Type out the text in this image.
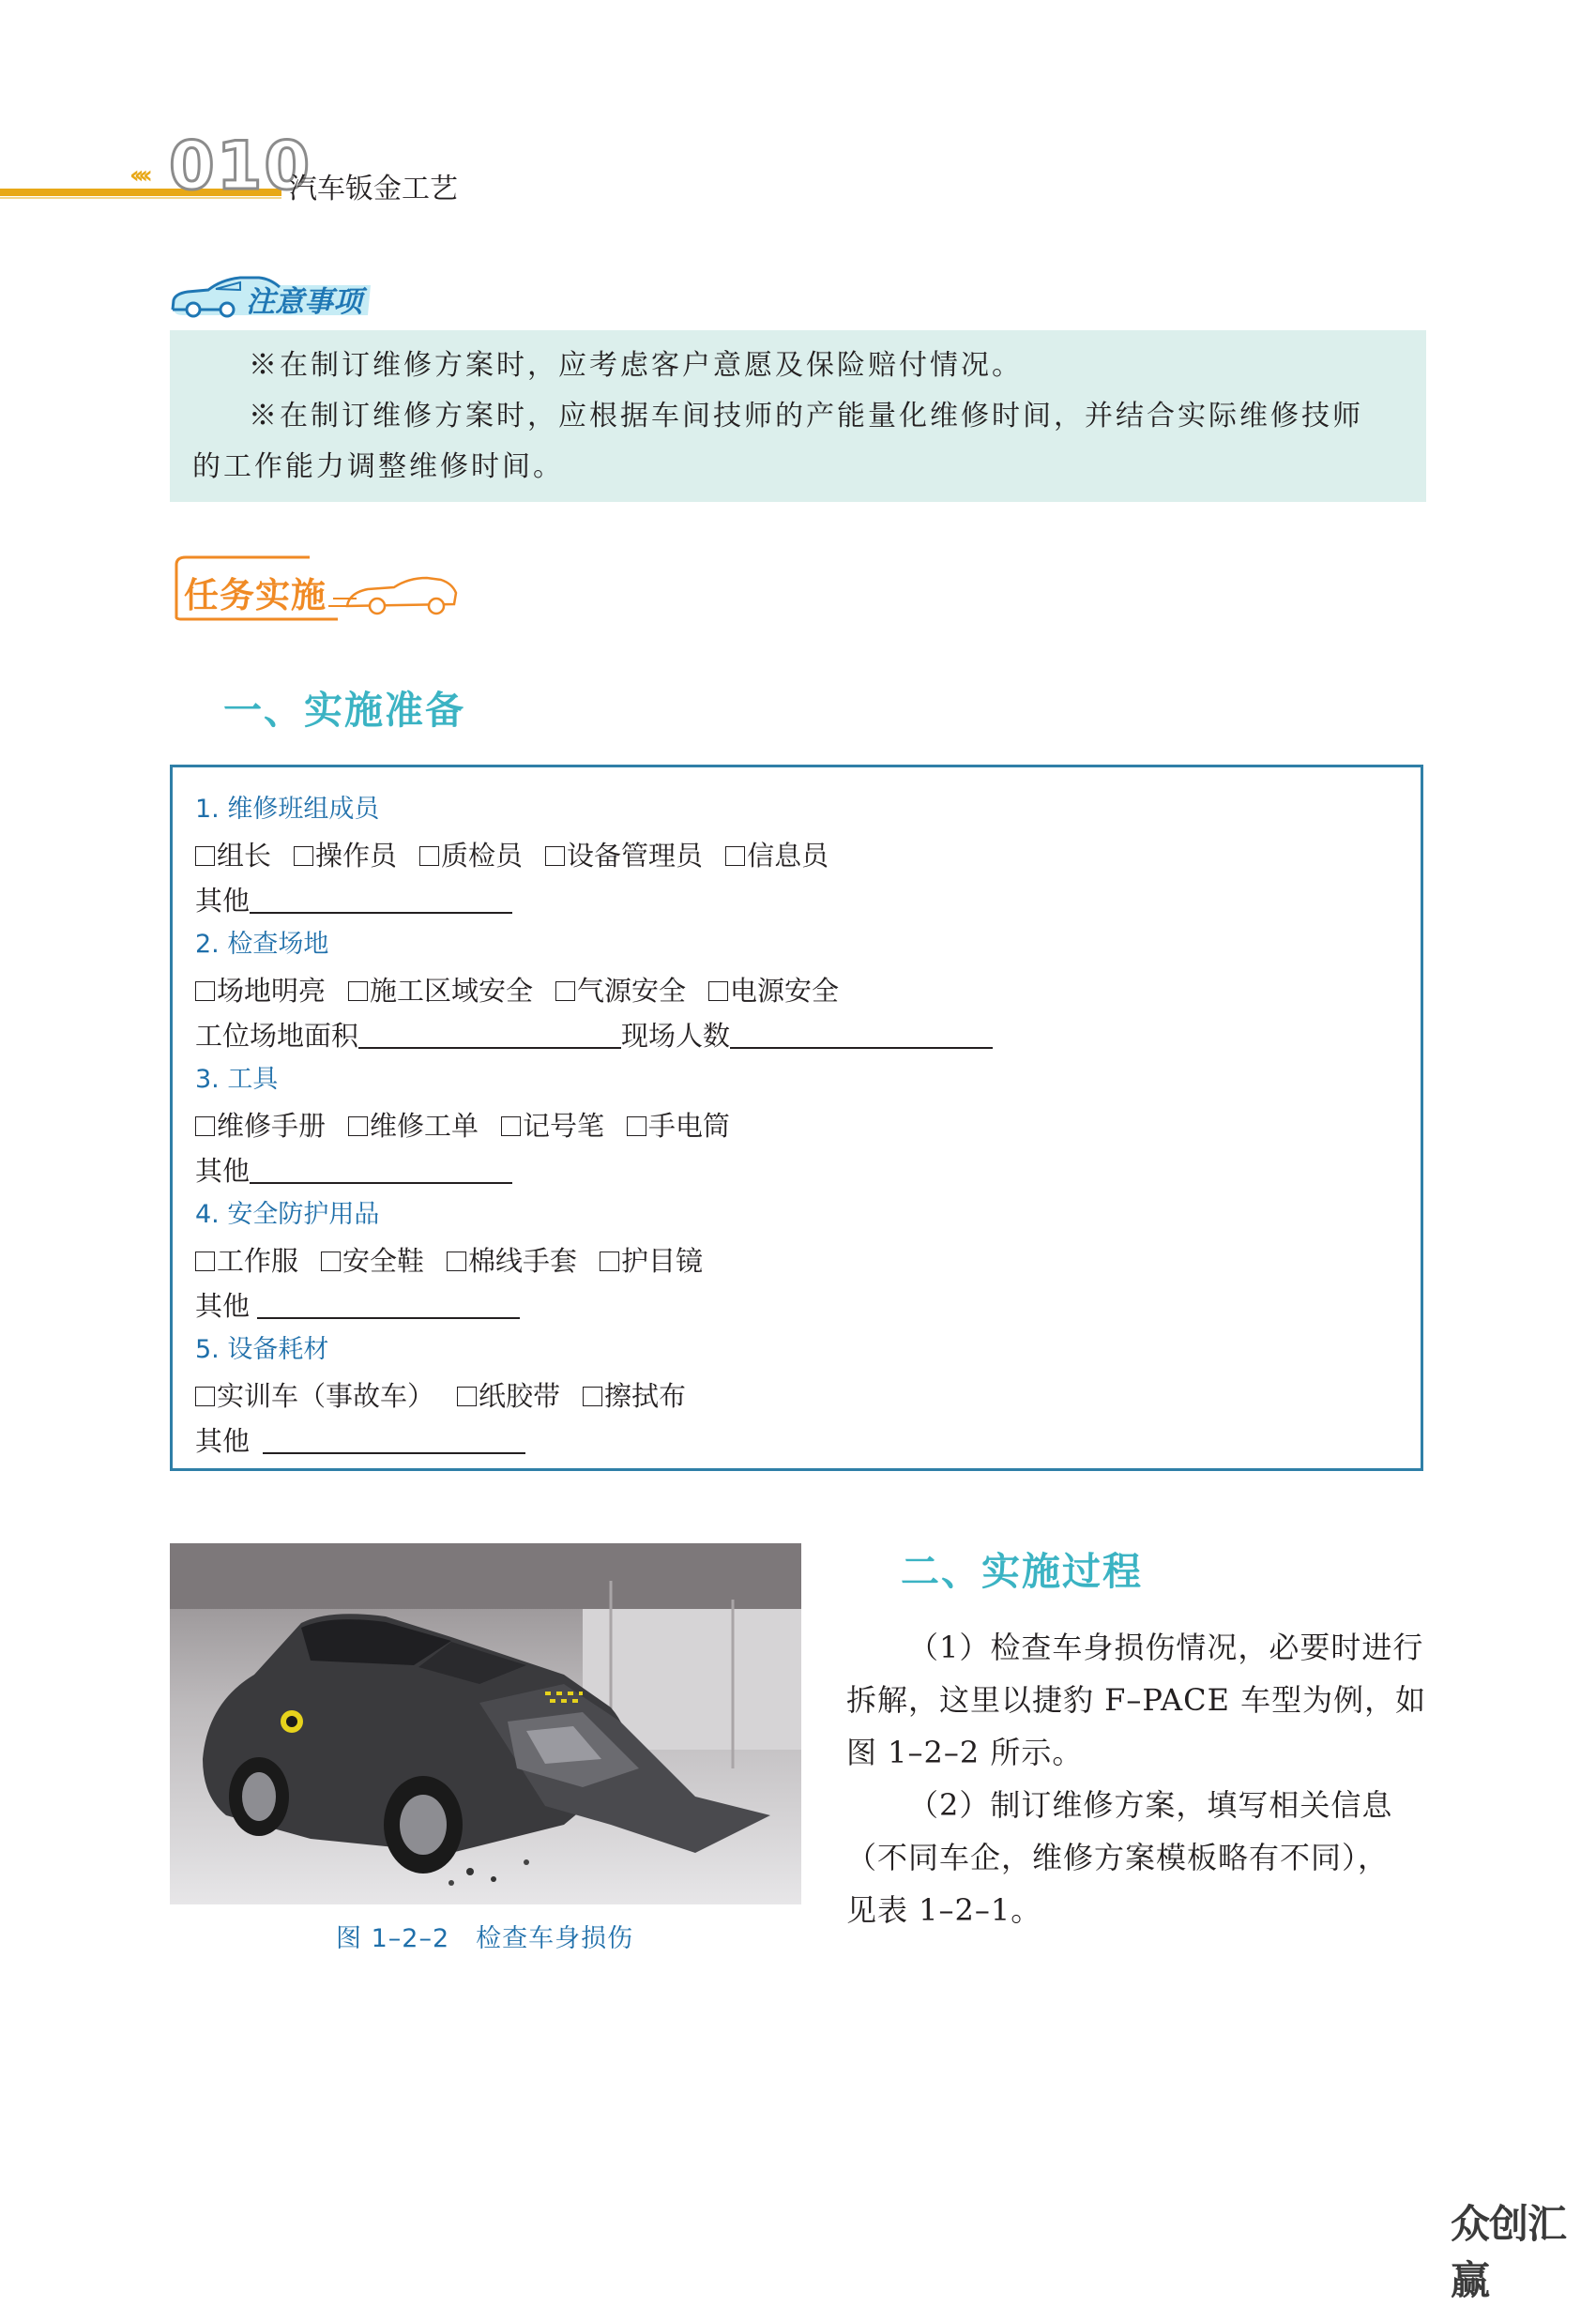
‹‹‹‹ 010
汽车钣金工艺
注意事项
※在制订维修方案时，应考虑客户意愿及保险赔付情况。
※在制订维修方案时，应根据车间技师的产能量化维修时间，并结合实际维修技师
的工作能力调整维修时间。
任务实施
一、实施准备
1. 维修班组成员
组长 操作员 质检员 设备管理员 信息员
其他
2. 检查场地
场地明亮 施工区域安全 气源安全 电源安全
工位场地面积	现场人数
3. 工具
维修手册 维修工单 记号笔 手电筒
其他
4. 安全防护用品
工作服 安全鞋 棉线手套 护目镜
其他
5. 设备耗材
实训车（事故车） 纸胶带 擦拭布
其他
图 1–2–2　检查车身损伤
二、实施过程
（1）检查车身损伤情况，必要时进行
拆解，这里以捷豹 F–PACE 车型为例，如
图 1–2–2 所示。
（2）制订维修方案，填写相关信息
（不同车企，维修方案模板略有不同），
见表 1–2–1。
众创汇赢
